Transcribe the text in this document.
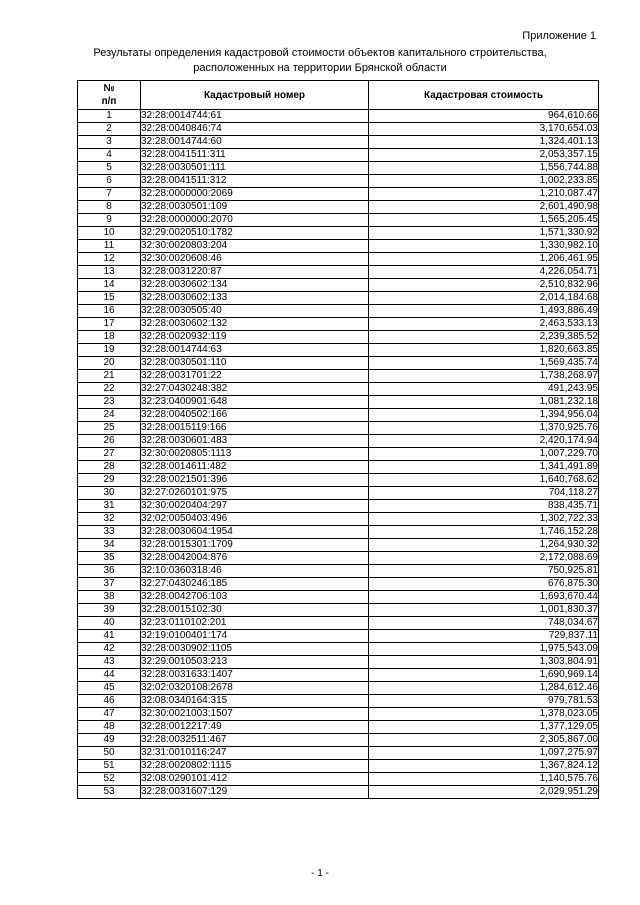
Приложение 1
Результаты определения кадастровой стоимости объектов капитального строительства,
расположенных на территории Брянской области
№
п/п	Кадастровый номер	Кадастровая стоимость
1	32:28:0014744:61	964,610.66
2	32:28:0040846:74	3,170,654.03
3	32:28:0014744:60	1,324,401.13
4	32:28:0041511:311	2,053,357.15
5	32:28:0030501:111	1,556,744.88
6	32:28:0041511:312	1,002,233.85
7	32:28:0000000:2069	1,210,087.47
8	32:28:0030501:109	2,601,490.98
9	32:28:0000000:2070	1,565,205.45
10	32:29:0020510:1782	1,571,330.92
11	32:30:0020803:204	1,330,982.10
12	32:30:0020608:46	1,206,461.95
13	32:28:0031220:87	4,226,054.71
14	32:28:0030602:134	2,510,832.96
15	32:28:0030602:133	2,014,184.68
16	32:28:0030505:40	1,493,886.49
17	32:28:0030602:132	2,463,533.13
18	32:28:0020932:119	2,239,385.52
19	32:28:0014744:63	1,820,663.85
20	32:28:0030501:110	1,569,435.74
21	32:28:0031701:22	1,738,268.97
22	32:27:0430248:382	491,243.95
23	32:23:0400901:648	1,081,232.18
24	32:28:0040502:166	1,394,956.04
25	32:28:0015119:166	1,370,925.76
26	32:28:0030601:483	2,420,174.94
27	32:30:0020805:1113	1,007,229.70
28	32:28:0014611:482	1,341,491.89
29	32:28:0021501:396	1,640,768.62
30	32:27:0260101:975	704,118.27
31	32:30:0020404:297	838,435.71
32	32:02:0050403:496	1,302,722.33
33	32:28:0030604:1954	1,746,152.28
34	32:28:0015301:1709	1,264,930.32
35	32:28:0042004:876	2,172,088.69
36	32:10:0360318:46	750,925.81
37	32:27:0430246:185	676,875.30
38	32:28:0042706:103	1,693,670.44
39	32:28:0015102:30	1,001,830.37
40	32:23:0110102:201	748,034.67
41	32:19:0100401:174	729,837.11
42	32:28:0030902:1105	1,975,543.09
43	32:29:0010503:213	1,303,804.91
44	32:28:0031633:1407	1,690,969.14
45	32:02:0320108:2678	1,284,612.46
46	32:08:0340164:315	979,781.53
47	32:30:0021003:1507	1,378,023.05
48	32:28:0012217:49	1,377,129.05
49	32:28:0032511:467	2,305,867.00
50	32:31:0010116:247	1,097,275.97
51	32:28:0020802:1115	1,367,824.12
52	32:08:0290101:412	1,140,575.76
53	32:28:0031607:129	2,029,951.29
- 1 -
